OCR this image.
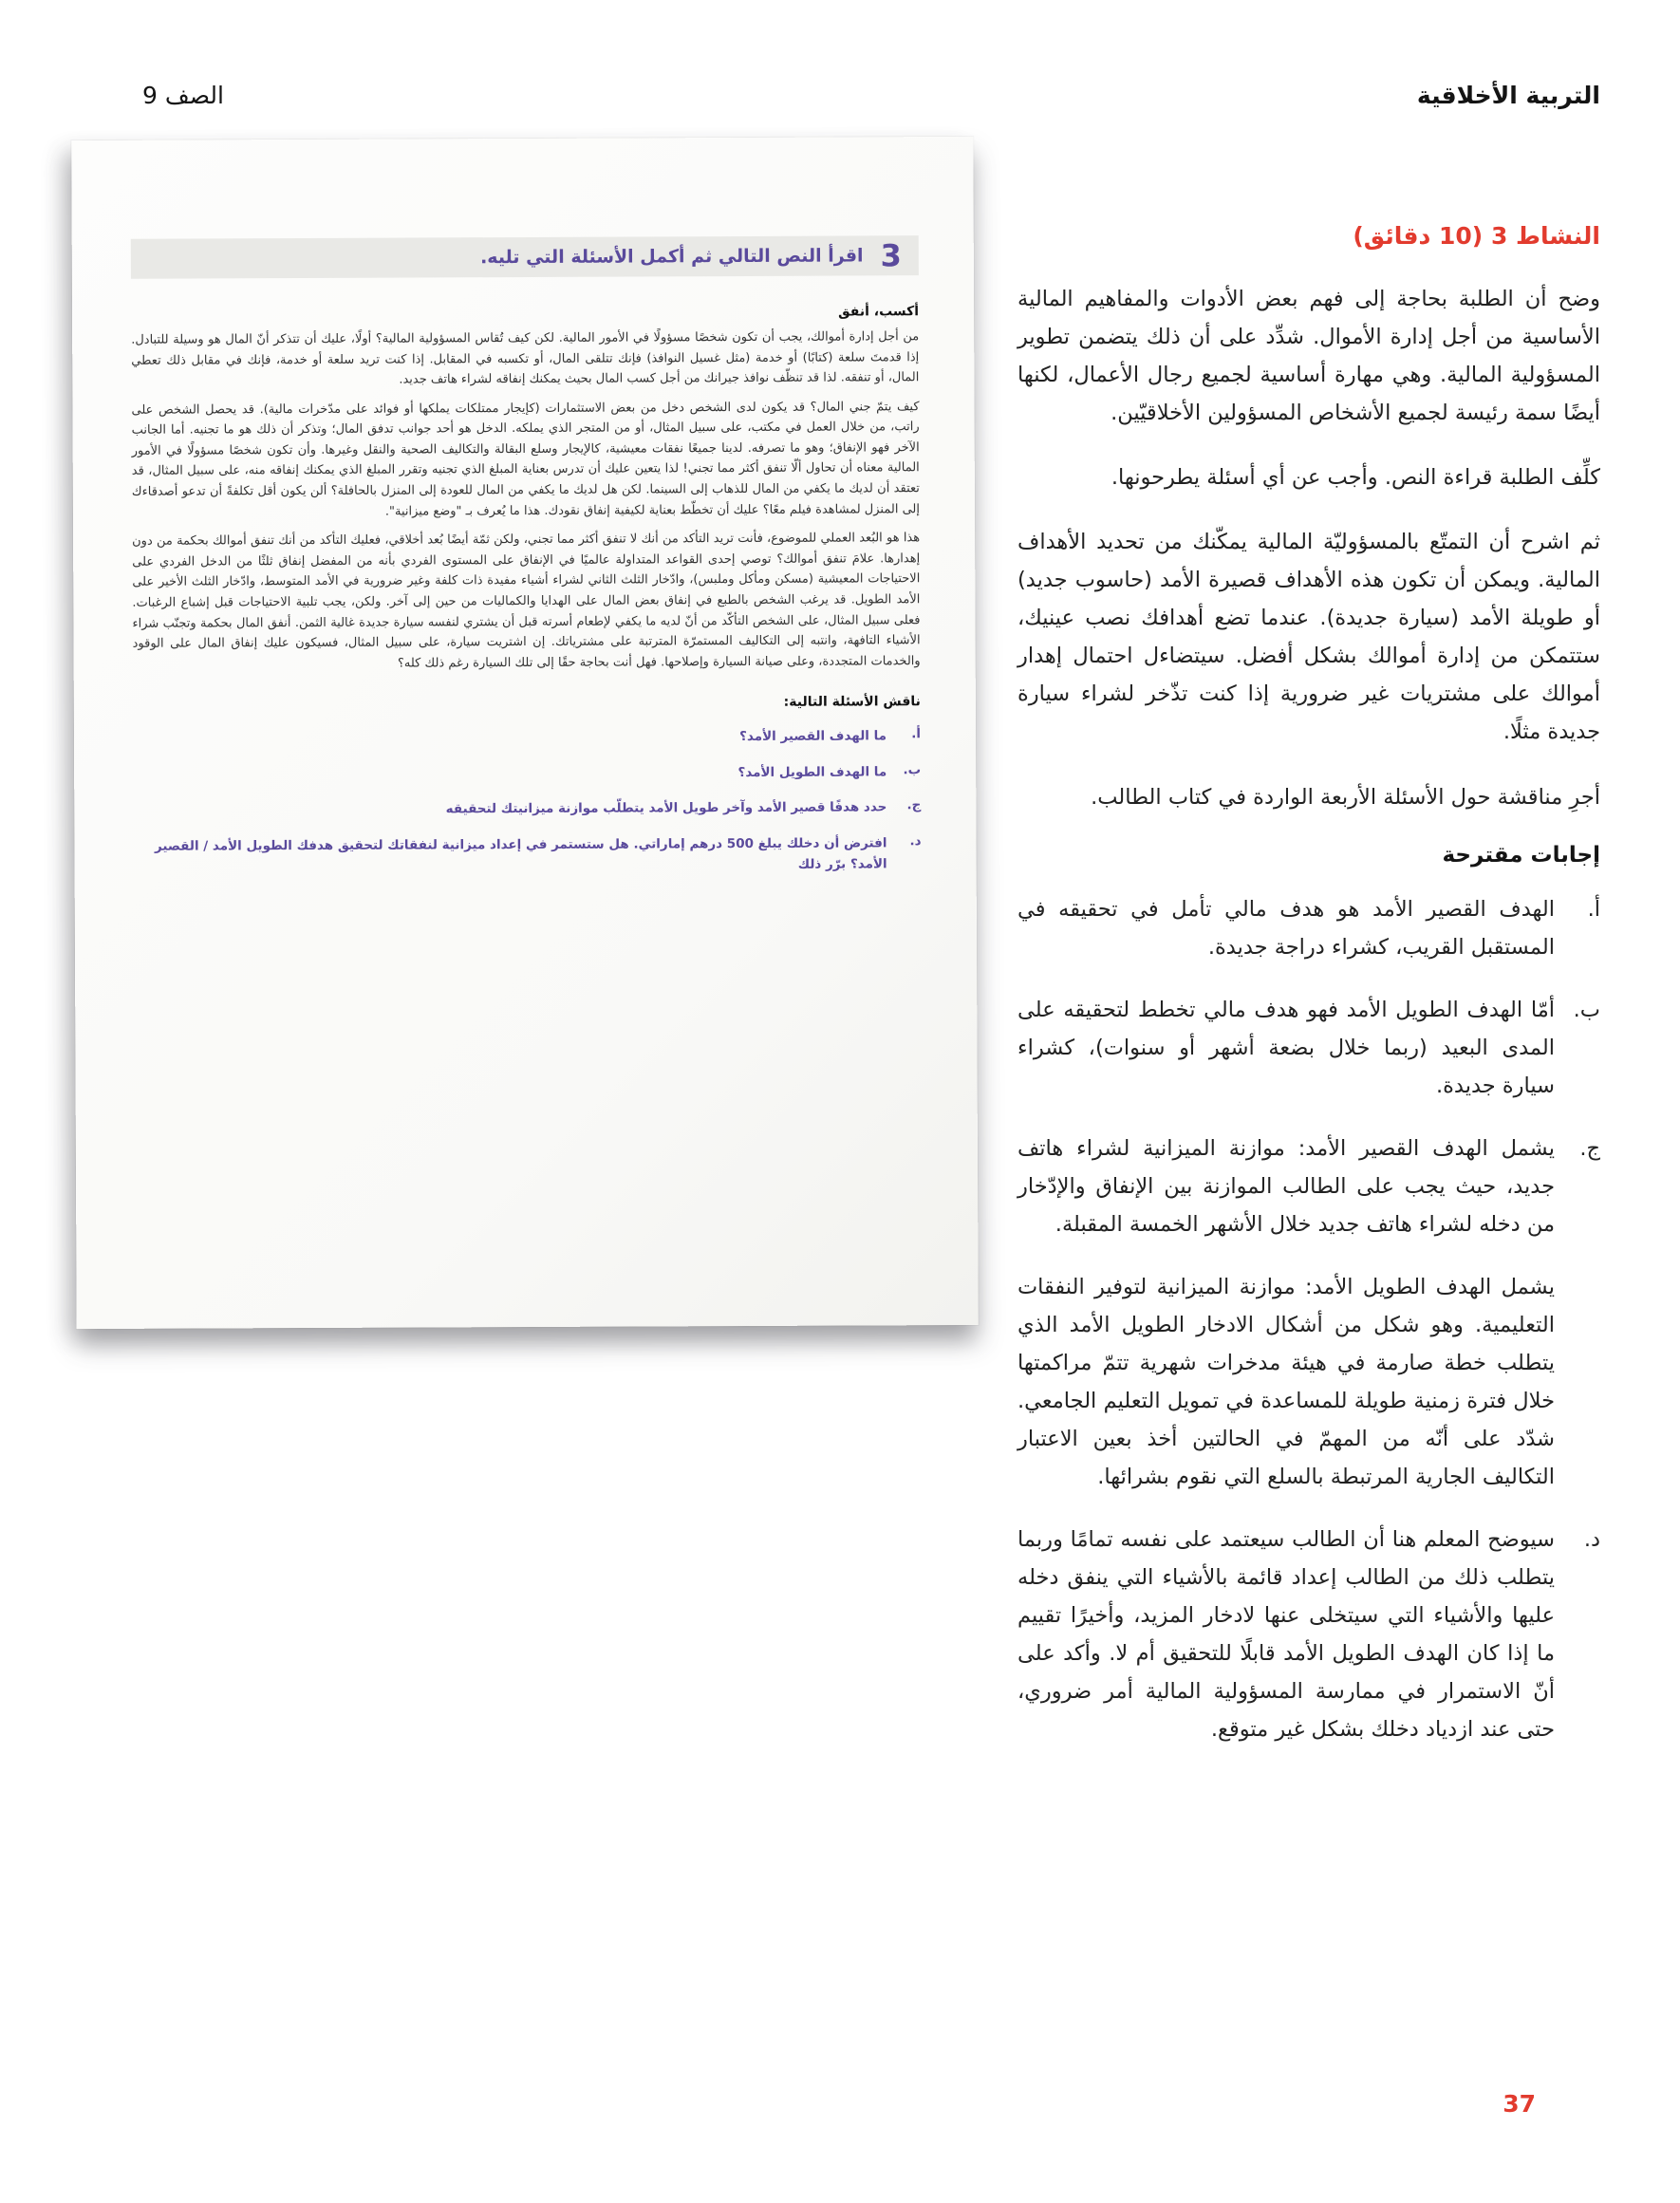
التربية الأخلاقية
الصف 9
3
اقرأ النص التالي ثم أكمل الأسئلة التي تليه.
أكسب، أنفق

من أجل إدارة أموالك، يجب أن تكون شخصًا مسؤولًا في الأمور المالية. لكن كيف تُقاس المسؤولية المالية؟ أولًا، عليك أن تتذكر أنّ المال هو وسيلة للتبادل. إذا قدمتَ سلعة (كتابًا) أو خدمة (مثل غسيل النوافذ) فإنك تتلقى المال، أو تكسبه في المقابل. إذا كنت تريد سلعة أو خدمة، فإنك في مقابل ذلك تعطي المال، أو تنفقه. لذا قد تنظّف نوافذ جيرانك من أجل كسب المال بحيث يمكنك إنفاقه لشراء هاتف جديد.

كيف يتمّ جني المال؟ قد يكون لدى الشخص دخل من بعض الاستثمارات (كإيجار ممتلكات يملكها أو فوائد على مدّخرات مالية). قد يحصل الشخص على راتب، من خلال العمل في مكتب، على سبيل المثال، أو من المتجر الذي يملكه. الدخل هو أحد جوانب تدفق المال؛ وتذكر أن ذلك هو ما تجنيه. أما الجانب الآخر فهو الإنفاق؛ وهو ما تصرفه. لدينا جميعًا نفقات معيشية، كالإيجار وسلع البقالة والتكاليف الصحية والنقل وغيرها. وأن تكون شخصًا مسؤولًا في الأمور المالية معناه أن تحاول ألّا تنفق أكثر مما تجني! لذا يتعين عليك أن تدرس بعناية المبلغ الذي تجنيه وتقرر المبلغ الذي يمكنك إنفاقه منه، على سبيل المثال، قد تعتقد أن لديك ما يكفي من المال للذهاب إلى السينما. لكن هل لديك ما يكفي من المال للعودة إلى المنزل بالحافلة؟ ألن يكون أقل تكلفةً أن تدعو أصدقاءك إلى المنزل لمشاهدة فيلم معًا؟ عليك أن تخطّط بعناية لكيفية إنفاق نقودك. هذا ما يُعرف بـ "وضع ميزانية".

هذا هو البُعد العملي للموضوع، فأنت تريد التأكد من أنك لا تنفق أكثر مما تجني، ولكن ثمّة أيضًا بُعد أخلاقي، فعليك التأكد من أنك تنفق أموالك بحكمة من دون إهدارها. علامَ تنفق أموالك؟ توصي إحدى القواعد المتداولة عالميًا في الإنفاق على المستوى الفردي بأنه من المفضل إنفاق ثلثًا من الدخل الفردي على الاحتياجات المعيشية (مسكن ومأكل وملبس)، وادّخار الثلث الثاني لشراء أشياء مفيدة ذات كلفة وغير ضرورية في الأمد المتوسط، وادّخار الثلث الأخير على الأمد الطويل. قد يرغب الشخص بالطبع في إنفاق بعض المال على الهدايا والكماليات من حين إلى آخر. ولكن، يجب تلبية الاحتياجات قبل إشباع الرغبات. فعلى سبيل المثال، على الشخص التأكّد من أنّ لديه ما يكفي لإطعام أسرته قبل أن يشتري لنفسه سيارة جديدة غالية الثمن. أنفق المال بحكمة وتجنّب شراء الأشياء التافهة، وانتبه إلى التكاليف المستمرّة المترتبة على مشترياتك. إن اشتريت سيارة، على سبيل المثال، فسيكون عليك إنفاق المال على الوقود والخدمات المتجددة، وعلى صيانة السيارة وإصلاحها. فهل أنت بحاجة حقًا إلى تلك السيارة رغم ذلك كله؟

ناقش الأسئلة التالية:
أ.
ما الهدف القصير الأمد؟
ب.
ما الهدف الطويل الأمد؟
ج.
حدد هدفًا قصير الأمد وآخر طويل الأمد يتطلّب موازنة ميزانيتك لتحقيقه
د.
افترض أن دخلك يبلغ 500 درهم إماراتي. هل ستستمر في إعداد ميزانية لنفقاتك لتحقيق هدفك الطويل الأمد / القصير الأمد؟ برّر ذلك
النشاط 3 (10 دقائق)

وضح أن الطلبة بحاجة إلى فهم بعض الأدوات والمفاهيم المالية الأساسية من أجل إدارة الأموال. شدِّد على أن ذلك يتضمن تطوير المسؤولية المالية. وهي مهارة أساسية لجميع رجال الأعمال، لكنها أيضًا سمة رئيسة لجميع الأشخاص المسؤولين الأخلاقيّين.

كلِّف الطلبة قراءة النص. وأجب عن أي أسئلة يطرحونها.

ثم اشرح أن التمتّع بالمسؤوليّة المالية يمكّنك من تحديد الأهداف المالية. ويمكن أن تكون هذه الأهداف قصيرة الأمد (حاسوب جديد) أو طويلة الأمد (سيارة جديدة). عندما تضع أهدافك نصب عينيك، ستتمكن من إدارة أموالك بشكل أفضل. سيتضاءل احتمال إهدار أموالك على مشتريات غير ضرورية إذا كنت تذّخر لشراء سيارة جديدة مثلًا.

أجرِ مناقشة حول الأسئلة الأربعة الواردة في كتاب الطالب.

إجابات مقترحة
أ.
الهدف القصير الأمد هو هدف مالي تأمل في تحقيقه في المستقبل القريب، كشراء دراجة جديدة.
ب.
أمّا الهدف الطويل الأمد فهو هدف مالي تخطط لتحقيقه على المدى البعيد (ربما خلال بضعة أشهر أو سنوات)، كشراء سيارة جديدة.
ج.
يشمل الهدف القصير الأمد: موازنة الميزانية لشراء هاتف جديد، حيث يجب على الطالب الموازنة بين الإنفاق والإدّخار من دخله لشراء هاتف جديد خلال الأشهر الخمسة المقبلة.
يشمل الهدف الطويل الأمد: موازنة الميزانية لتوفير النفقات التعليمية. وهو شكل من أشكال الادخار الطويل الأمد الذي يتطلب خطة صارمة في هيئة مدخرات شهرية تتمّ مراكمتها خلال فترة زمنية طويلة للمساعدة في تمويل التعليم الجامعي. شدّد على أنّه من المهمّ في الحالتين أخذ بعين الاعتبار التكاليف الجارية المرتبطة بالسلع التي نقوم بشرائها.
د.
سيوضح المعلم هنا أن الطالب سيعتمد على نفسه تمامًا وربما يتطلب ذلك من الطالب إعداد قائمة بالأشياء التي ينفق دخله عليها والأشياء التي سيتخلى عنها لادخار المزيد، وأخيرًا تقييم ما إذا كان الهدف الطويل الأمد قابلًا للتحقيق أم لا. وأكد على أنّ الاستمرار في ممارسة المسؤولية المالية أمر ضروري، حتى عند ازدياد دخلك بشكل غير متوقع.
37
